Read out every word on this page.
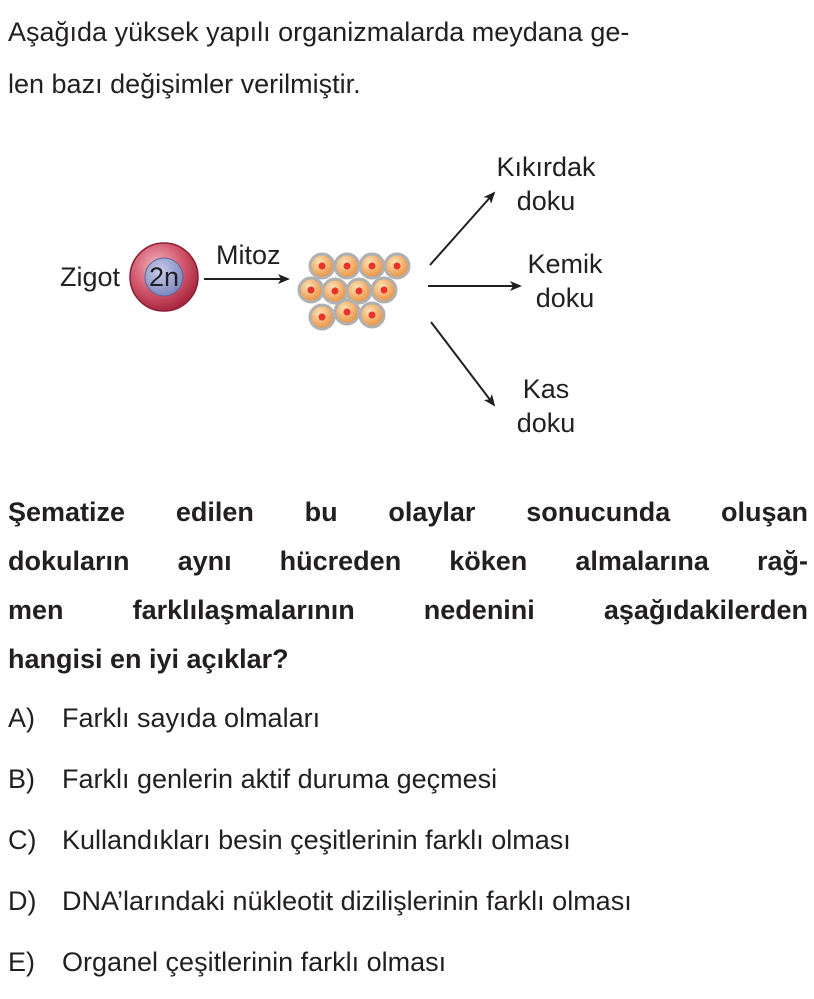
Aşağıda yüksek yapılı organizmalarda meydana ge-
len bazı değişimler verilmiştir.
Zigot 2n
Mitoz
Kıkırdak
doku
Kemik
doku
Kas
doku
Şematize edilen bu olaylar sonucunda oluşan
dokuların aynı hücreden köken almalarına rağ-
men farklılaşmalarının nedenini aşağıdakilerden
hangisi en iyi açıklar?
A) Farklı sayıda olmaları
B) Farklı genlerin aktif duruma geçmesi
C) Kullandıkları besin çeşitlerinin farklı olması
D) DNA’larındaki nükleotit dizilişlerinin farklı olması
E) Organel çeşitlerinin farklı olması
